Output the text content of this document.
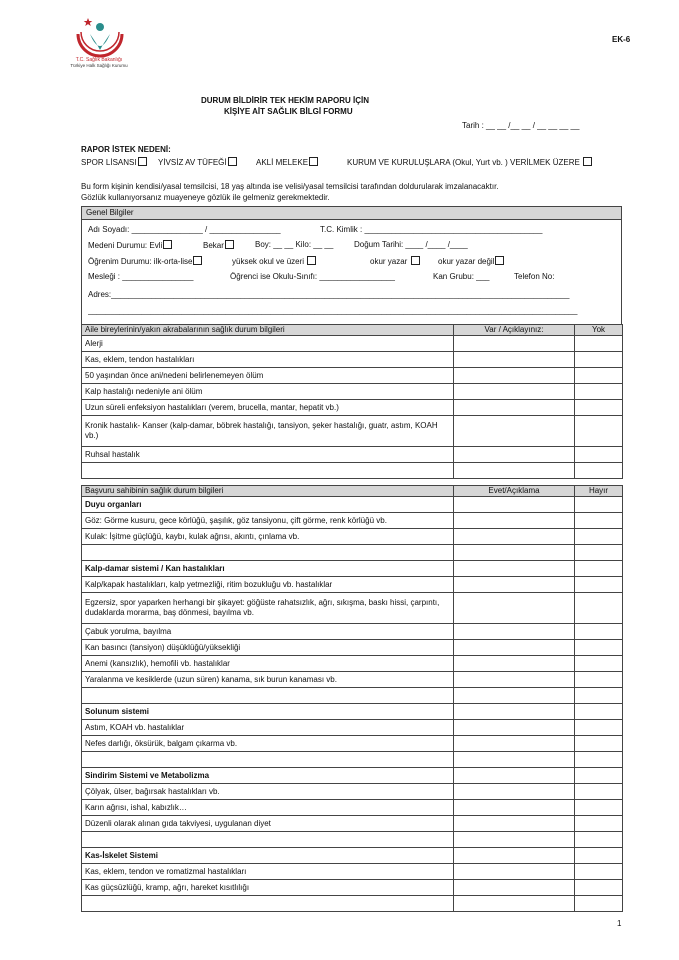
EK-6
T.C. Sağlık Bakanlığı
Türkiye Halk Sağlığı Kurumu
DURUM BİLDİRİR TEK HEKİM RAPORU İÇİN
KİŞİYE AİT SAĞLIK BİLGİ FORMU
Tarih : __ __ /__ __ / __ __ __ __
RAPOR İSTEK NEDENİ:
SPOR LİSANSI	YİVSİZ AV TÜFEĞİ	AKLİ MELEKE	KURUM VE KURULUŞLARA (Okul, Yurt vb. ) VERİLMEK ÜZERE
Bu form kişinin kendisi/yasal temsilcisi, 18 yaş altında ise velisi/yasal temsilcisi tarafından doldurularak imzalanacaktır.
Gözlük kullanıyorsanız muayeneye gözlük ile gelmeniz gerekmektedir.
Genel Bilgiler
Adı Soyadı: ________________ / ________________	T.C. Kimlik : ________________________________________
Medeni Durumu: Evli	Bekar	Boy: __ __ Kilo: __ __	Doğum Tarihi: ____ /____ /____
Öğrenim Durumu: ilk-orta-lise	yüksek okul ve üzeri	okur yazar	okur yazar değil
Mesleği : ________________	Öğrenci ise Okulu-Sınıfı: _________________	Kan Grubu: ___	Telefon No:
Adres:_______________________________________________________________________________________________________
______________________________________________________________________________________________________________
Aile bireylerinin/yakın akrabalarının sağlık durum bilgileri	Var / Açıklayınız:	Yok
Alerji		
Kas, eklem, tendon hastalıkları		
50 yaşından önce ani/nedeni belirlenemeyen ölüm		
Kalp hastalığı nedeniyle ani ölüm		
Uzun süreli enfeksiyon hastalıkları (verem, brucella, mantar, hepatit vb.)		
Kronik hastalık- Kanser (kalp-damar, böbrek hastalığı, tansiyon, şeker hastalığı, guatr, astım, KOAH vb.)		
Ruhsal hastalık		

Başvuru sahibinin sağlık durum bilgileri	Evet/Açıklama	Hayır
Duyu organları		
Göz: Görme kusuru, gece körlüğü, şaşılık, göz tansiyonu, çift görme, renk körlüğü vb.		
Kulak: İşitme güçlüğü, kaybı, kulak ağrısı, akıntı, çınlama vb.		

Kalp-damar sistemi / Kan hastalıkları		
Kalp/kapak hastalıkları, kalp yetmezliği, ritim bozukluğu vb. hastalıklar		
Egzersiz, spor yaparken herhangi bir şikayet: göğüste rahatsızlık, ağrı, sıkışma, baskı hissi, çarpıntı, dudaklarda morarma, baş dönmesi, bayılma vb.		
Çabuk yorulma, bayılma		
Kan basıncı (tansiyon) düşüklüğü/yüksekliği		
Anemi (kansızlık), hemofili vb. hastalıklar		
Yaralanma ve kesiklerde (uzun süren) kanama, sık burun kanaması vb.		

Solunum sistemi		
Astım, KOAH vb. hastalıklar		
Nefes darlığı, öksürük, balgam çıkarma vb.		

Sindirim Sistemi ve Metabolizma		
Çölyak, ülser, bağırsak hastalıkları vb.		
Karın ağrısı, ishal, kabızlık…		
Düzenli olarak alınan gıda takviyesi, uygulanan diyet		

Kas-İskelet Sistemi		
Kas, eklem, tendon ve romatizmal hastalıkları		
Kas güçsüzlüğü, kramp, ağrı, hareket kısıtlılığı		

1
